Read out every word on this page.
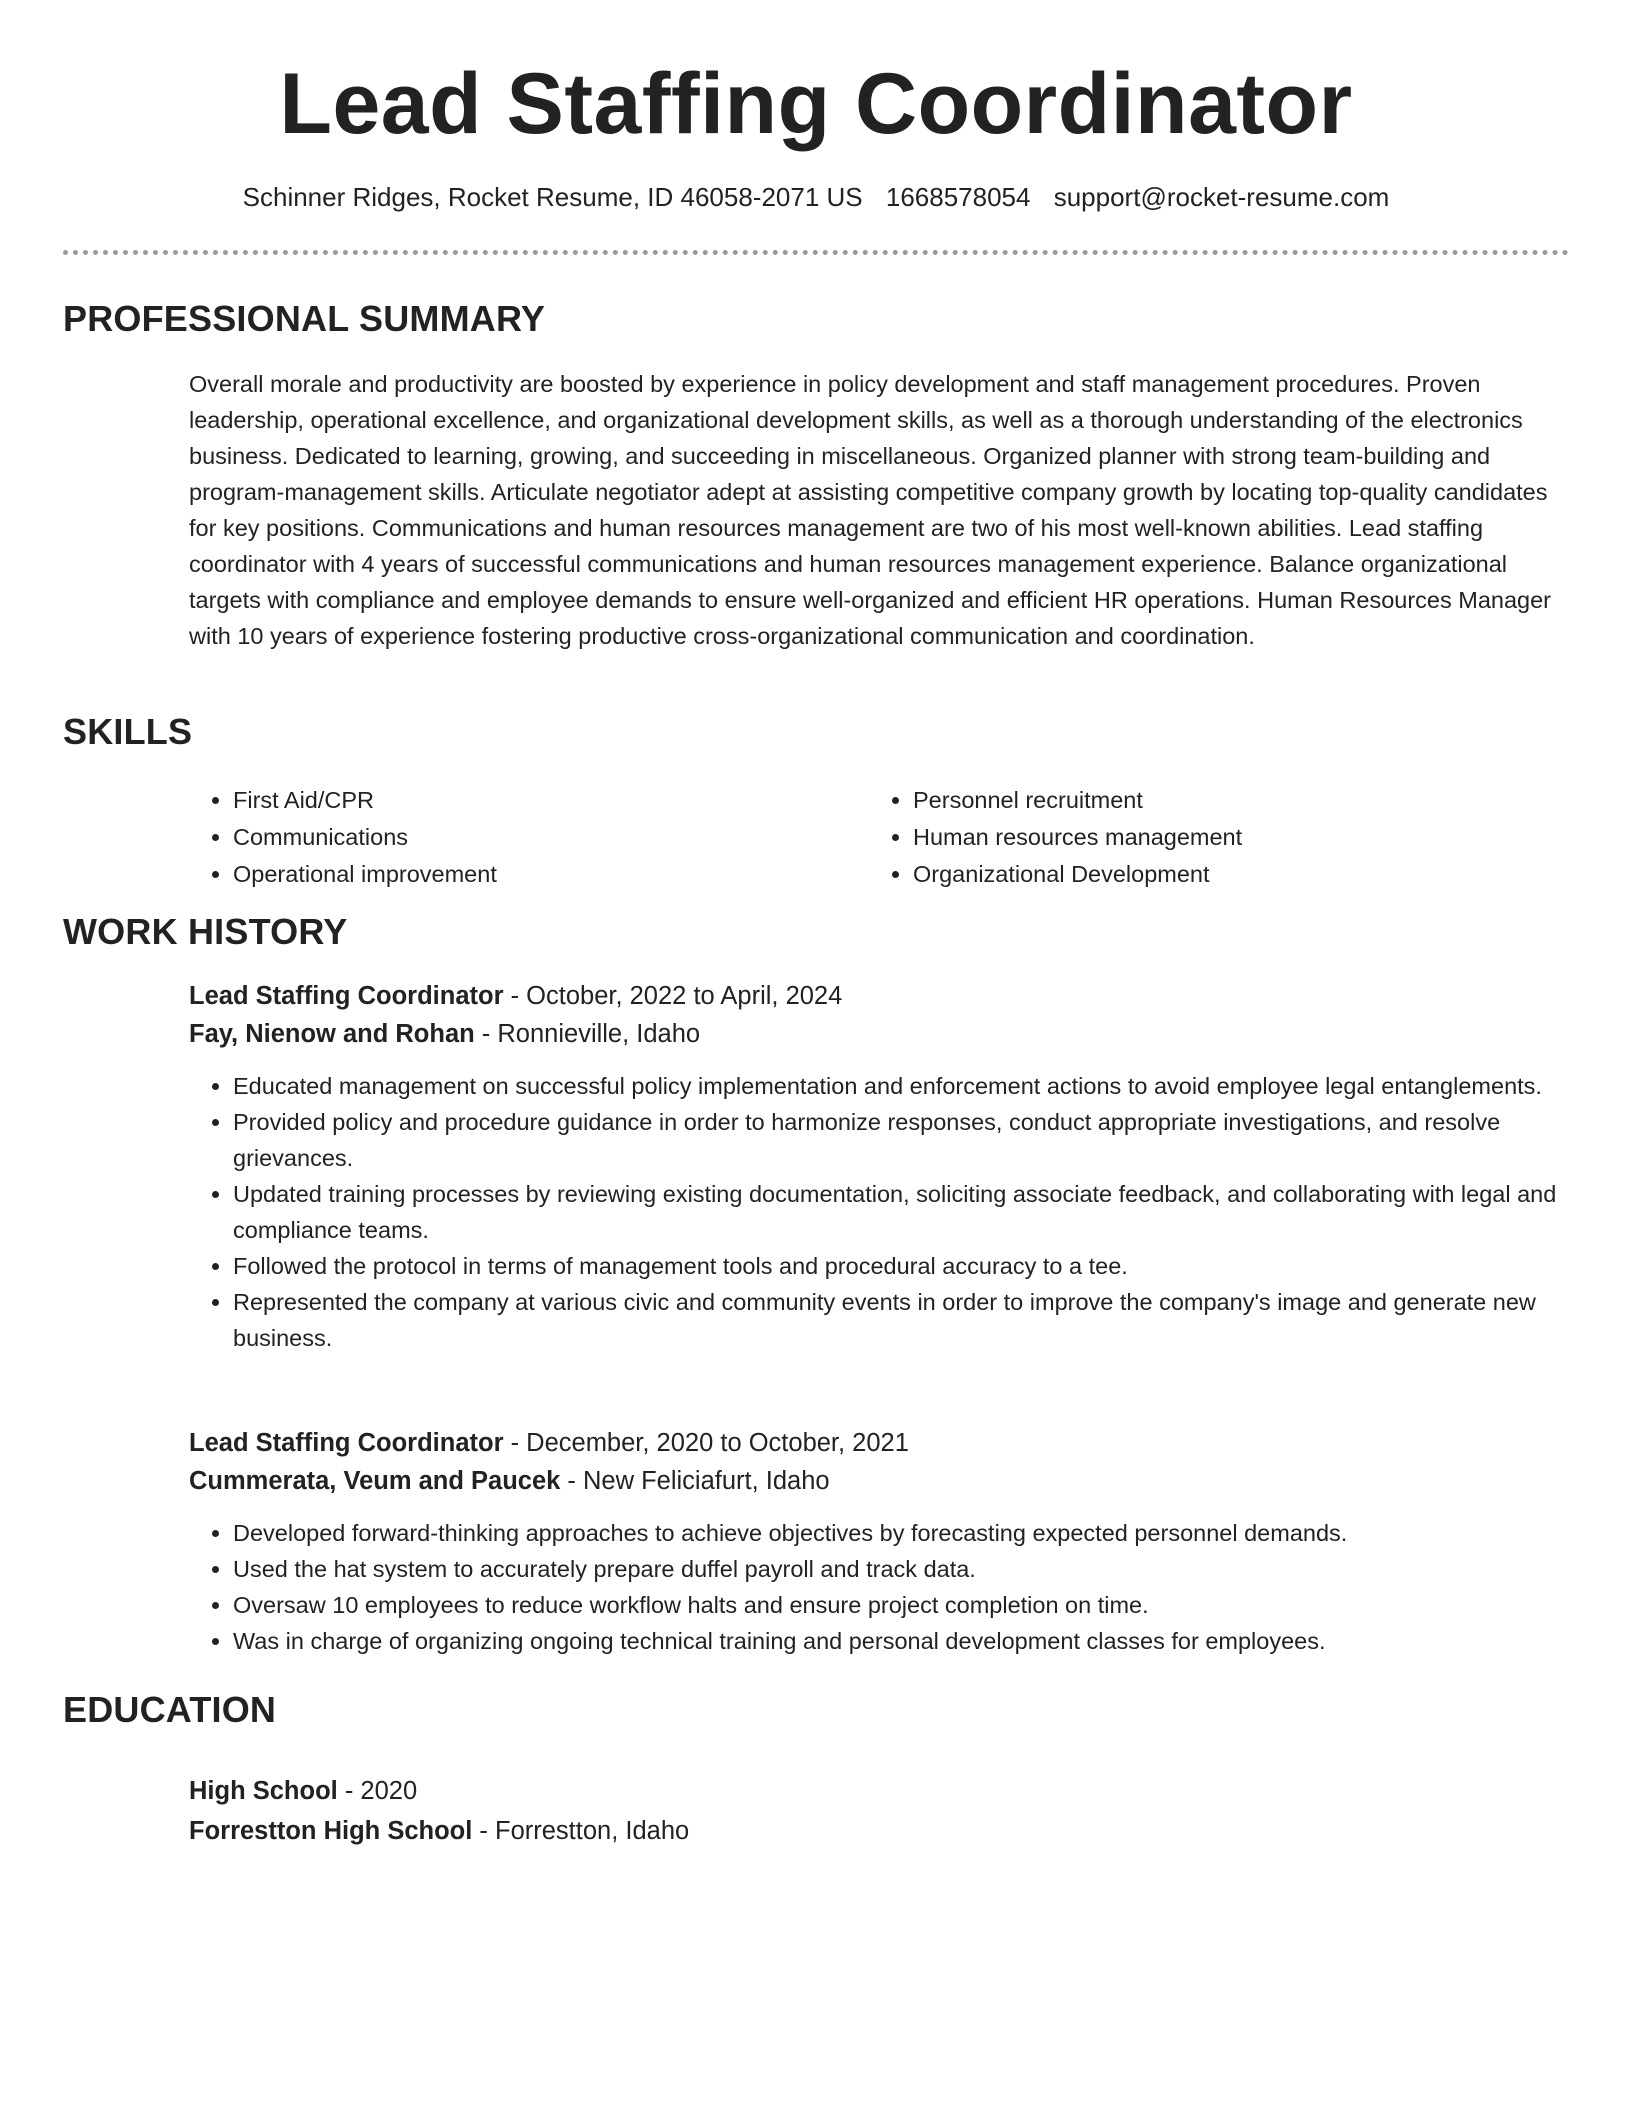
Lead Staffing Coordinator
Schinner Ridges, Rocket Resume, ID 46058-2071 US 1668578054 support@rocket-resume.com
PROFESSIONAL SUMMARY

Overall morale and productivity are boosted by experience in policy development and staff management procedures. Proven leadership, operational excellence, and organizational development skills, as well as a thorough understanding of the electronics business. Dedicated to learning, growing, and succeeding in miscellaneous. Organized planner with strong team-building and program-management skills. Articulate negotiator adept at assisting competitive company growth by locating top-quality candidates for key positions. Communications and human resources management are two of his most well-known abilities. Lead staffing coordinator with 4 years of successful communications and human resources management experience. Balance organizational targets with compliance and employee demands to ensure well-organized and efficient HR operations. Human Resources Manager with 10 years of experience fostering productive cross-organizational communication and coordination.

SKILLS
• First Aid/CPR
• Communications
• Operational improvement
• Personnel recruitment
• Human resources management
• Organizational Development
WORK HISTORY

Lead Staffing Coordinator - October, 2022 to April, 2024

Fay, Nienow and Rohan - Ronnieville, Idaho

• Educated management on successful policy implementation and enforcement actions to avoid employee legal entanglements.
• Provided policy and procedure guidance in order to harmonize responses, conduct appropriate investigations, and resolve grievances.
• Updated training processes by reviewing existing documentation, soliciting associate feedback, and collaborating with legal and compliance teams.
• Followed the protocol in terms of management tools and procedural accuracy to a tee.
• Represented the company at various civic and community events in order to improve the company's image and generate new business.

Lead Staffing Coordinator - December, 2020 to October, 2021

Cummerata, Veum and Paucek - New Feliciafurt, Idaho

• Developed forward-thinking approaches to achieve objectives by forecasting expected personnel demands.
• Used the hat system to accurately prepare duffel payroll and track data.
• Oversaw 10 employees to reduce workflow halts and ensure project completion on time.
• Was in charge of organizing ongoing technical training and personal development classes for employees.
EDUCATION

High School - 2020

Forrestton High School - Forrestton, Idaho
